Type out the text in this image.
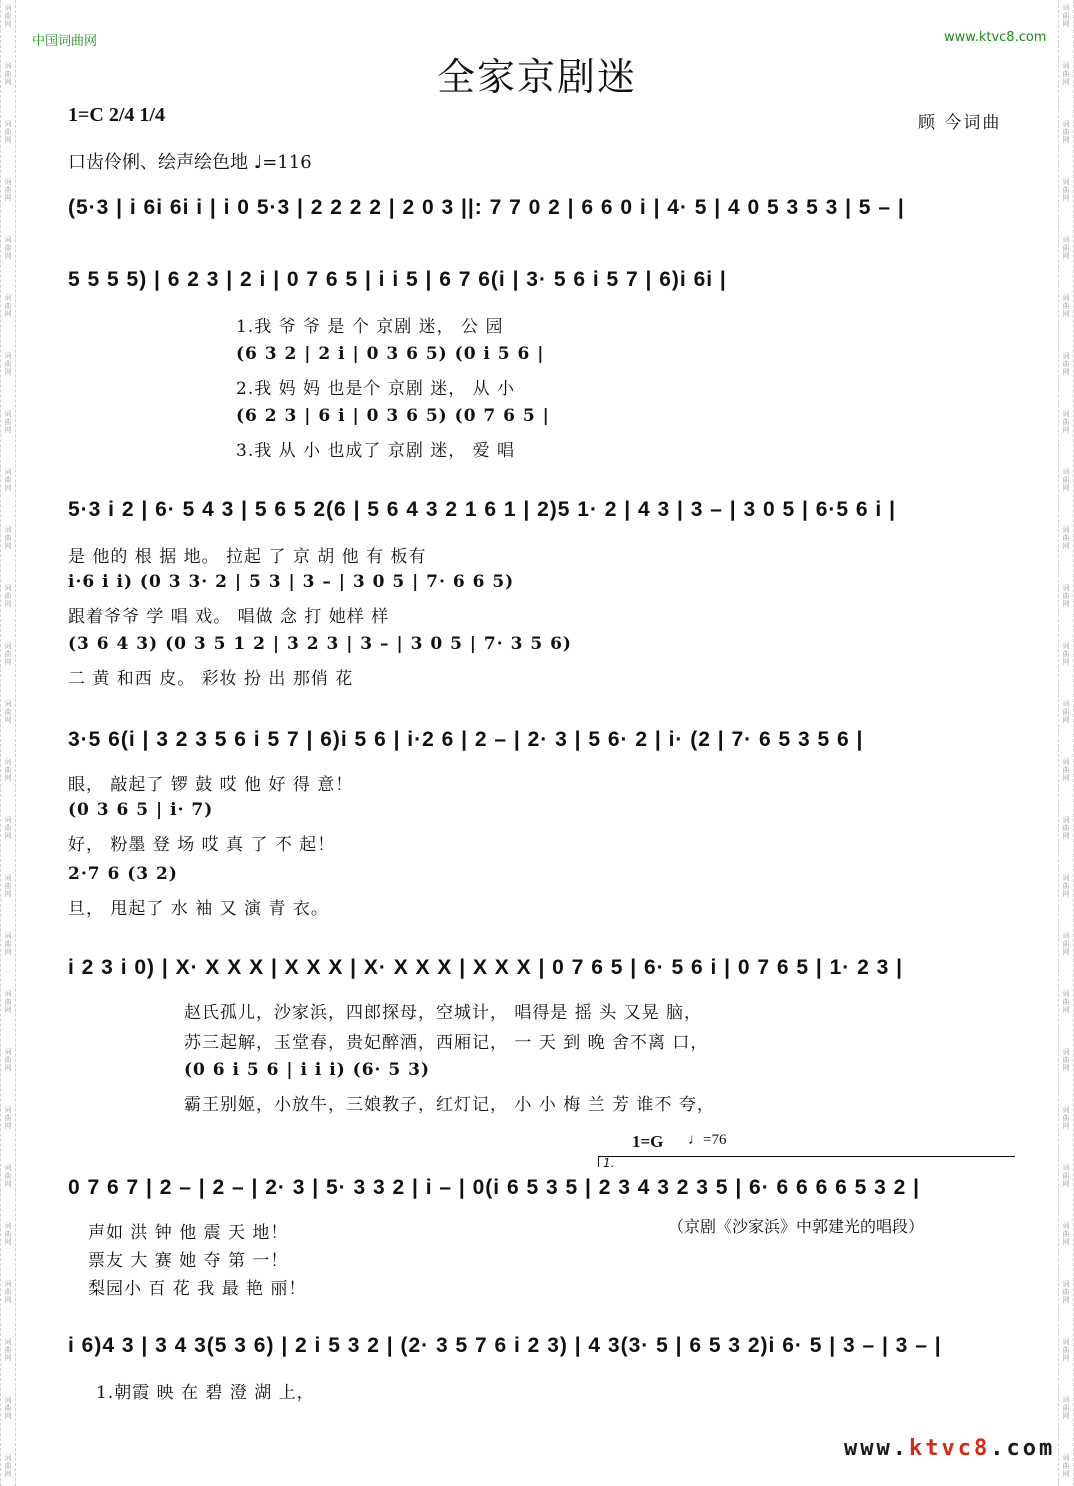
词
曲
网
词
曲
网
词
曲
网
词
曲
网
词
曲
网
词
曲
网
词
曲
网
词
曲
网
词
曲
网
词
曲
网
词
曲
网
词
曲
网
词
曲
网
词
曲
网
词
曲
网
词
曲
网
词
曲
网
词
曲
网
词
曲
网
词
曲
网
词
曲
网
词
曲
网
词
曲
网
词
曲
网
词
曲
网
词
曲
网
词
曲
网
词
曲
网
词
曲
网
词
曲
网
词
曲
网
词
曲
网
词
曲
网
词
曲
网
词
曲
网
词
曲
网
词
曲
网
词
曲
网
词
曲
网
词
曲
网
词
曲
网
词
曲
网
词
曲
网
词
曲
网
词
曲
网
词
曲
网
词
曲
网
词
曲
网
词
曲
网
词
曲
网
词
曲
网
词
曲
网
中国词曲网	www.ktvc8.com
全家京剧迷
1=C 2/4 1/4	顾 今词曲
口齿伶俐、绘声绘色地 ♩=116
(5·3 | i 6i 6i i | i 0 5·3 | 2 2 2 2 | 2 0 3 ||: 7 7 0 2 | 6 6 0 i | 4· 5 | 4 0 5 3 5 3 | 5 – |
5 5 5 5) | 6 2 3 | 2 i | 0 7 6 5 | i i 5 | 6 7 6(i | 3· 5 6 i 5 7 | 6)i 6i |
1.我 爷 爷 是 个 京剧 迷， 公 园
(6 3 2 | 2 i | 0 3 6 5) (0 i 5 6 |
2.我 妈 妈 也是个 京剧 迷， 从 小
(6 2 3 | 6 i | 0 3 6 5) (0 7 6 5 |
3.我 从 小 也成了 京剧 迷， 爱 唱
5·3 i 2 | 6· 5 4 3 | 5 6 5 2(6 | 5 6 4 3 2 1 6 1 | 2)5 1· 2 | 4 3 | 3 – | 3 0 5 | 6·5 6 i |
是 他的 根 据 地。 拉起 了 京 胡 他 有 板有
i·6 i i) (0 3 3· 2 | 5 3 | 3 – | 3 0 5 | 7· 6 6 5)
跟着爷爷 学 唱 戏。 唱做 念 打 她样 样
(3 6 4 3) (0 3 5 1 2 | 3 2 3 | 3 – | 3 0 5 | 7· 3 5 6)
二 黄 和西 皮。 彩妆 扮 出 那俏 花
3·5 6(i | 3 2 3 5 6 i 5 7 | 6)i 5 6 | i·2 6 | 2 – | 2· 3 | 5 6· 2 | i· (2 | 7· 6 5 3 5 6 |
眼， 敲起了 锣 鼓 哎 他 好 得 意！
(0 3 6 5 | i· 7)
好， 粉墨 登 场 哎 真 了 不 起！
2·7 6 (3 2)
旦， 甩起了 水 袖 又 演 青 衣。
i 2 3 i 0) | X· X X X | X X X | X· X X X | X X X | 0 7 6 5 | 6· 5 6 i | 0 7 6 5 | 1· 2 3 |
赵氏孤儿，沙家浜，四郎探母，空城计， 唱得是 摇 头 又晃 脑，
苏三起解，玉堂春，贵妃醉酒，西厢记， 一 天 到 晚 舍不离 口，
(0 6 i 5 6 | i i i) (6· 5 3)
霸王别姬，小放牛，三娘教子，红灯记， 小 小 梅 兰 芳 谁不 夸，
1=G ♩=76
1.
0 7 6 7 | 2 – | 2 – | 2· 3 | 5· 3 3 2 | i – | 0(i 6 5 3 5 | 2 3 4 3 2 3 5 | 6· 6 6 6 6 5 3 2 |
声如 洪 钟 他 震 天 地！
票友 大 赛 她 夺 第 一！
梨园小 百 花 我 最 艳 丽！
（京剧《沙家浜》中郭建光的唱段）
i 6)4 3 | 3 4 3(5 3 6) | 2 i 5 3 2 | (2· 3 5 7 6 i 2 3) | 4 3(3· 5 | 6 5 3 2)i 6· 5 | 3 – | 3 – |
1.朝霞 映 在 碧 澄 湖 上，
www.ktvc8.com
